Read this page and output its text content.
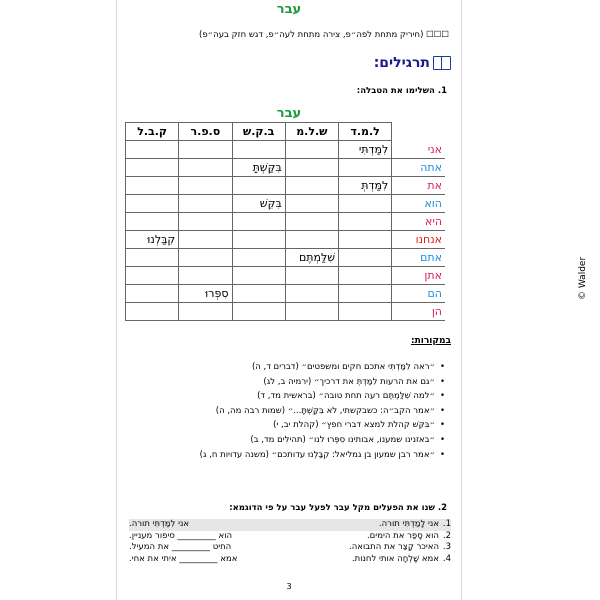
עבר
☐☐☐ (חיריק מתחת לפה״פ, צירה מתחת לעה״פ, דגש חזק בעה״פ)
תרגילים:
1. השלימו את הטבלה:
עבר
	ל.מ.ד	ש.ל.מ	ב.ק.ש	ס.פ.ר	ק.ב.ל
אני	לִמַּדְתִּי				
אתה			בִּקַּשְׁתָּ		
את	לִמַּדְתְּ				
הוא			בִּקֵּשׁ		
היא					
אנחנו					קִבַּלְנוּ
אתם		שִׁלַּמְתֶּם			
אתן					
הם				סִפְּרוּ	
הן					
במקורות:
• ״ראה לִמַּדְתִּי אתכם חקים ומשפטים״ (דברים ד, ה)
• ״גם את הרעות לִמַּדְתְּ את דרכיך״ (ירמיה ב, לג)
• ״למה שִׁלַּמְתֶּם רעה תחת טובה״ (בראשית מד, ד)
• ״אמר הקב״ה: כשבקשתי, לא בִּקַּשְׁתָּ...״ (שמות רבה מה, ה)
• ״בִּקֵּשׁ קהלת למצא דברי חפץ״ (קהלת יב, י)
• ״באזנינו שמענו, אבותינו סִפְּרוּ לנו״ (תהילים מד, ב)
• ״אמר רבן שמעון בן גמליאל: קִבַּלְנוּ עדותכם״ (משנה עדויות ח, ג)
2. שנו את הפעלים מקל עבר לפעל עבר על פי הדוגמא:
1.אני לָמַדְתִּי תורה.
אני לִמַּדְתִּי תורה.
2.הוא סָפַר את הימים.
הוא _________ סיפור מעניין.
3.האיכר קָצַר את התבואה.
החיט _________ את המעיל.
4.אמא שָׁלְחָה אותי לחנות.
אמא _________ איתי את אחי.
3
© Walder
